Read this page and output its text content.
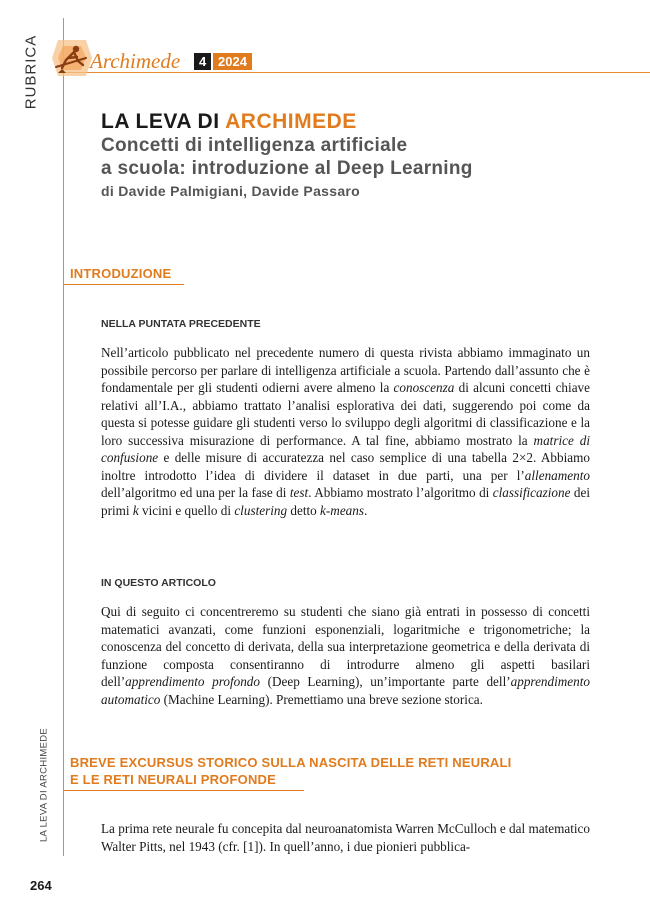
RUBRICA
LA LEVA DI ARCHIMEDE
Archimede	4 2024
LA LEVA DI ARCHIMEDE
Concetti di intelligenza artificiale
a scuola: introduzione al Deep Learning
di Davide Palmigiani, Davide Passaro
INTRODUZIONE
NELLA PUNTATA PRECEDENTE

Nell’articolo pubblicato nel precedente numero di questa rivista abbiamo immaginato un possibile percorso per parlare di intelligenza artificiale a scuola. Partendo dall’assunto che è fondamentale per gli studenti odierni avere almeno la conoscenza di alcuni concetti chiave relativi all’I.A., abbiamo trattato l’analisi esplorativa dei dati, suggerendo poi come da questa si potesse guidare gli studenti verso lo sviluppo degli algoritmi di classificazione e la loro successiva misurazione di performance. A tal fine, abbiamo mostrato la matrice di confusione e delle misure di accuratezza nel caso semplice di una tabella 2×2. Abbiamo inoltre introdotto l’idea di dividere il dataset in due parti, una per l’allenamento dell’algoritmo ed una per la fase di test. Abbiamo mostrato l’algoritmo di classificazione dei primi k vicini e quello di clustering detto k-means.

IN QUESTO ARTICOLO

Qui di seguito ci concentreremo su studenti che siano già entrati in possesso di concetti matematici avanzati, come funzioni esponenziali, logaritmiche e trigonometriche; la conoscenza del concetto di derivata, della sua interpretazione geometrica e della derivata di funzione composta consentiranno di introdurre almeno gli aspetti basilari dell’apprendimento profondo (Deep Learning), un’importante parte dell’apprendimento automatico (Machine Learning). Premettiamo una breve sezione storica.

BREVE EXCURSUS STORICO SULLA NASCITA DELLE RETI NEURALI
E LE RETI NEURALI PROFONDE

La prima rete neurale fu concepita dal neuroanatomista Warren McCulloch e dal matematico Walter Pitts, nel 1943 (cfr. [1]). In quell’anno, i due pionieri pubblica-

264
